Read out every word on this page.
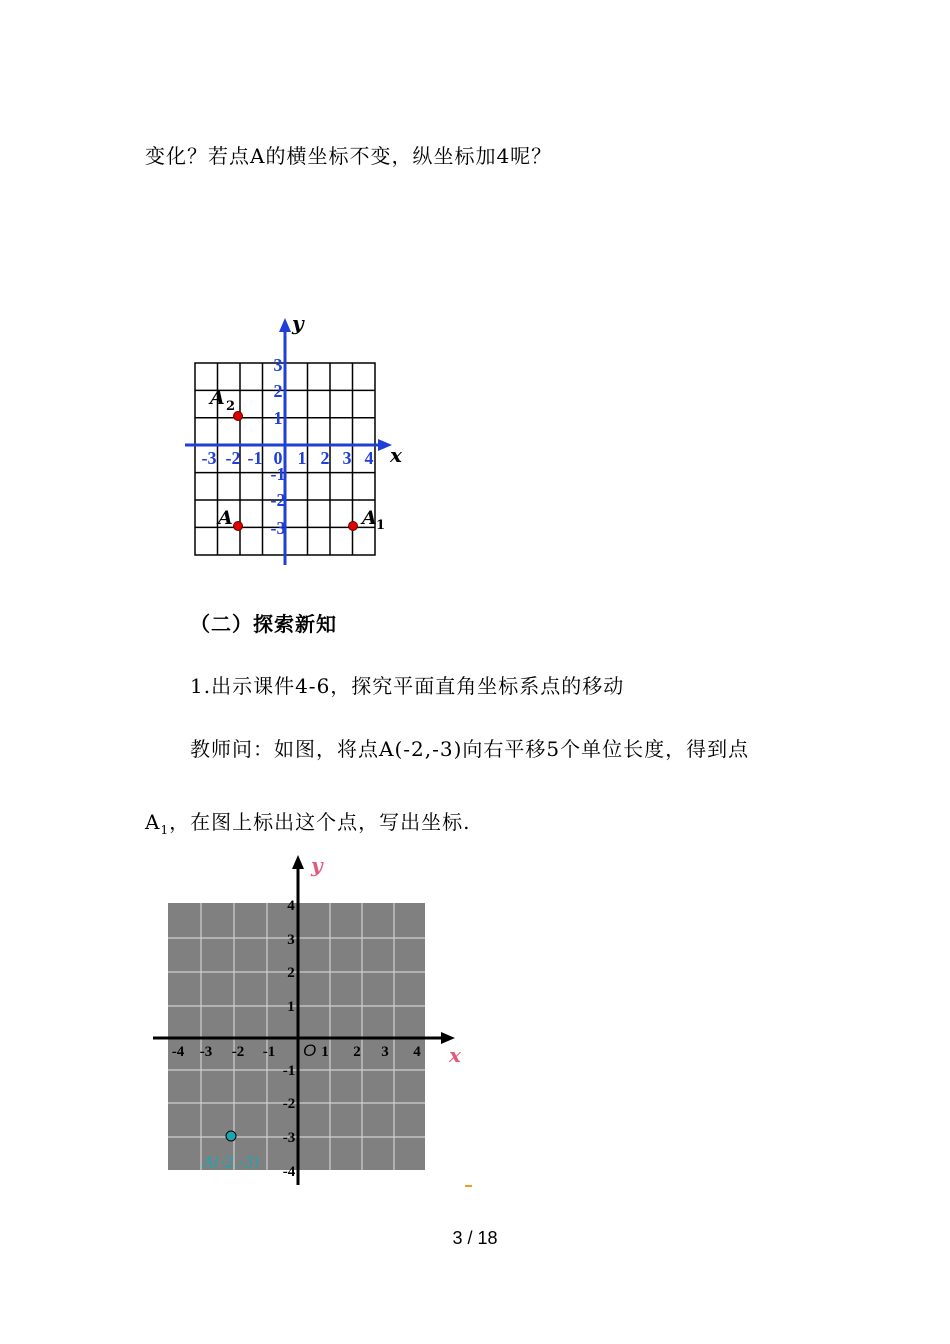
变化？若点A的横坐标不变，纵坐标加4呢？
x
y
-3 -2 -1 0 1 2 3 4
3
2
1
-1
-2
-3
A	A 1
A 2
（二）探索新知
1.出示课件4-6，探究平面直角坐标系点的移动
教师问：如图，将点A(-2,-3)向右平移5个单位长度，得到点
$A_1$，在图上标出这个点，写出坐标.
x
y
O
-4 -3 -2 -1	1 2 3 4
4
3
2
1
-1
-2
-3
-4
A(-2,-3)
3 / 18
